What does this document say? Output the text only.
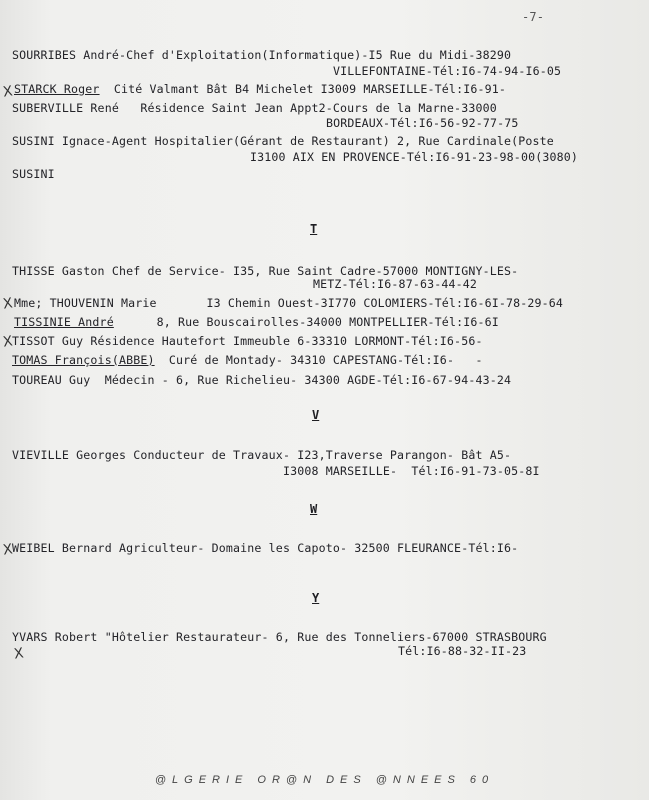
-7-
SOURRIBES André-Chef d'Exploitation(Informatique)-I5 Rue du Midi-38290
VILLEFONTAINE-Tél:I6-74-94-I6-05
X STARCK Roger  Cité Valmant Bât B4 Michelet I3009 MARSEILLE-Tél:I6-91-
SUBERVILLE René   Résidence Saint Jean Appt2-Cours de la Marne-33000
BORDEAUX-Tél:I6-56-92-77-75
SUSINI Ignace-Agent Hospitalier(Gérant de Restaurant) 2, Rue Cardinale(Poste
I3100 AIX EN PROVENCE-Tél:I6-91-23-98-00(3080)
SUSINI
T
THISSE Gaston Chef de Service- I35, Rue Saint Cadre-57000 MONTIGNY-LES-
METZ-Tél:I6-87-63-44-42
X Mme; THOUVENIN Marie       I3 Chemin Ouest-3I770 COLOMIERS-Tél:I6-6I-78-29-64
TISSINIE André      8, Rue Bouscairolles-34000 MONTPELLIER-Tél:I6-6I
X
TISSOT Guy Résidence Hautefort Immeuble 6-33310 LORMONT-Tél:I6-56-
TOMAS François(ABBE)  Curé de Montady- 34310 CAPESTANG-Tél:I6-   -
TOUREAU Guy  Médecin - 6, Rue Richelieu- 34300 AGDE-Tél:I6-67-94-43-24
V
VIEVILLE Georges Conducteur de Travaux- I23,Traverse Parangon- Bât A5-
I3008 MARSEILLE-  Tél:I6-91-73-05-8I
W
X
WEIBEL Bernard Agriculteur- Domaine les Capoto- 32500 FLEURANCE-Tél:I6-
Y
YVARS Robert "Hôtelier Restaurateur- 6, Rue des Tonneliers-67000 STRASBOURG
X	Tél:I6-88-32-II-23
@LGERIE OR@N DES @NNEES 60
